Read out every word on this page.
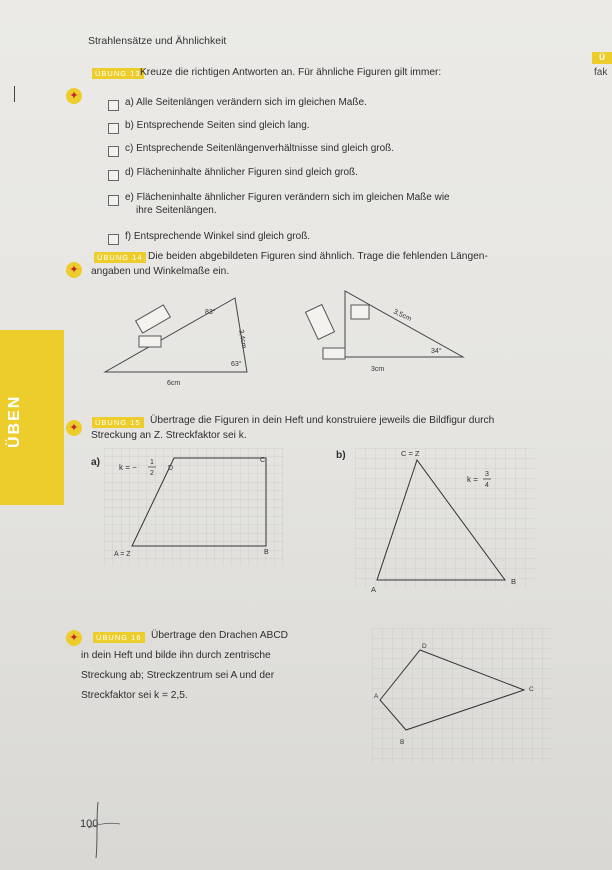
Strahlensätze und Ähnlichkeit
Ü
fak
ÜBEN
✦
ÜBUNG 13 Kreuze die richtigen Antworten an. Für ähnliche Figuren gilt immer:
a) Alle Seitenlängen verändern sich im gleichen Maße.
b) Entsprechende Seiten sind gleich lang.
c) Entsprechende Seitenlängenverhältnisse sind gleich groß.
d) Flächeninhalte ähnlicher Figuren sind gleich groß.
e) Flächeninhalte ähnlicher Figuren verändern sich im gleichen Maße wie
ihre Seitenlängen.
f) Entsprechende Winkel sind gleich groß.
✦
ÜBUNG 14 Die beiden abgebildeten Figuren sind ähnlich. Trage die fehlenden Längen-
angaben und Winkelmaße ein.
83°
3,4cm
63°
6cm
3,5cm
34°
3cm
✦	ÜBUNG 15 Übertrage die Figuren in dein Heft und konstruiere jeweils die Bildfigur durch
Streckung an Z. Streckfaktor sei k.
a) k = −
1
2
D
C
A = Z	B
b)	C = Z
k =
3
4
A
B
✦	ÜBUNG 16 Übertrage den Drachen ABCD
in dein Heft und bilde ihn durch zentrische
Streckung ab; Streckzentrum sei A und der
Streckfaktor sei k = 2,5.
D
A
C
B
100
